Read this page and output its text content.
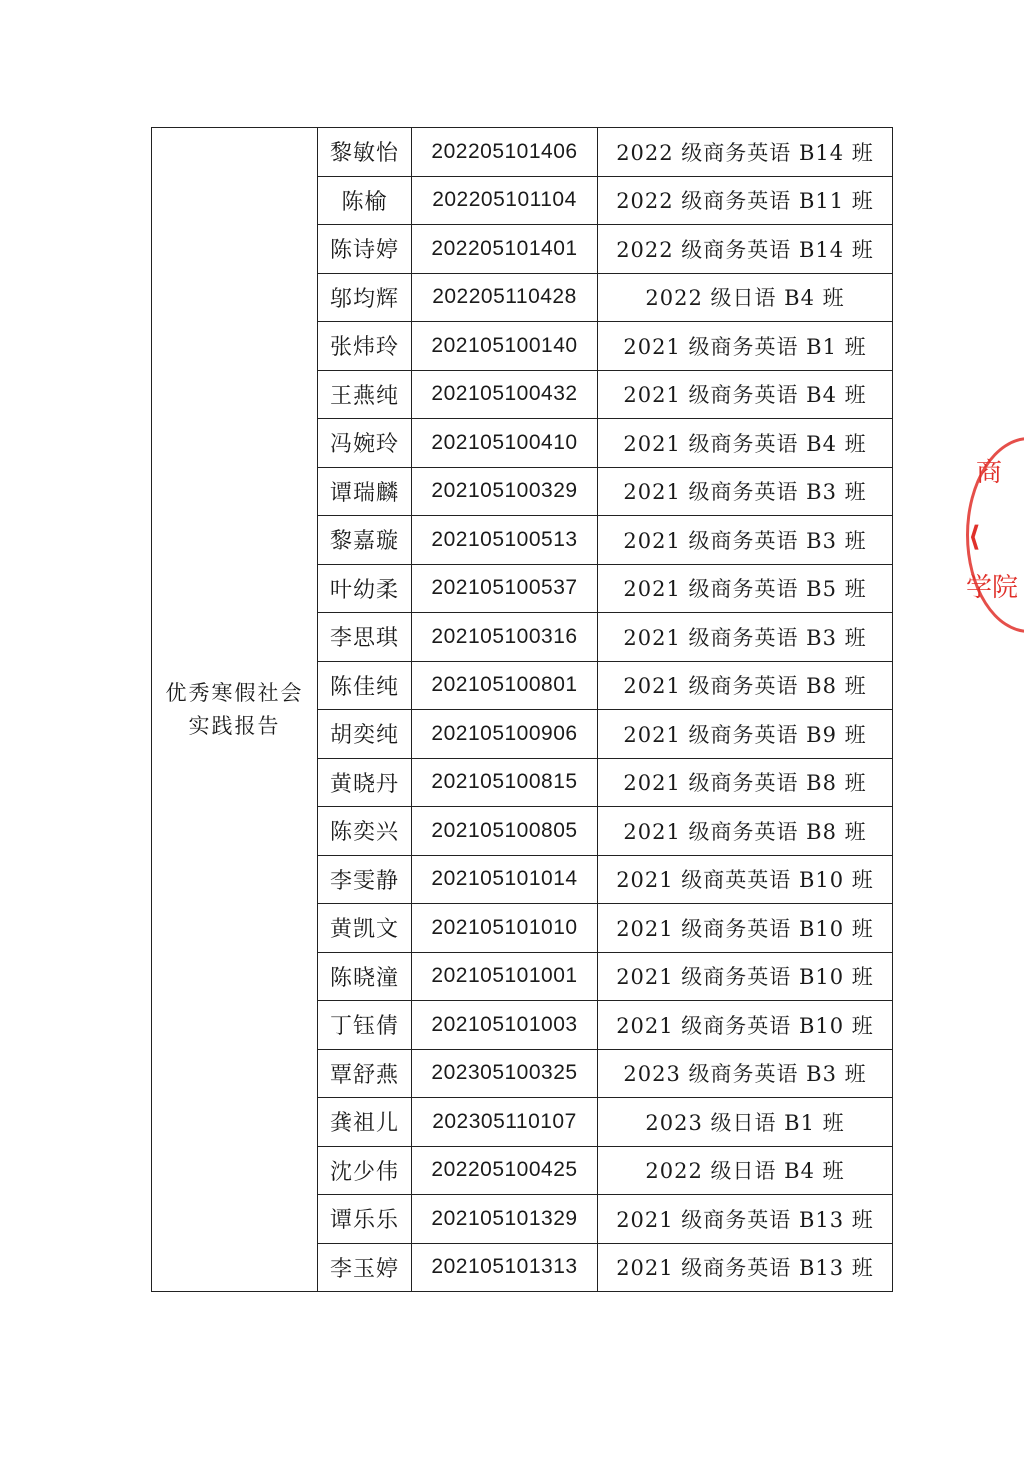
优秀寒假社会
实践报告	黎敏怡	202205101406	2022 级商务英语 B14 班
	陈榆	202205101104	2022 级商务英语 B11 班
	陈诗婷	202205101401	2022 级商务英语 B14 班
	邬均辉	202205110428	2022 级日语 B4 班
	张炜玲	202105100140	2021 级商务英语 B1 班
	王燕纯	202105100432	2021 级商务英语 B4 班
	冯婉玲	202105100410	2021 级商务英语 B4 班
	谭瑞麟	202105100329	2021 级商务英语 B3 班
	黎嘉璇	202105100513	2021 级商务英语 B3 班
	叶幼柔	202105100537	2021 级商务英语 B5 班
	李思琪	202105100316	2021 级商务英语 B3 班
	陈佳纯	202105100801	2021 级商务英语 B8 班
	胡奕纯	202105100906	2021 级商务英语 B9 班
	黄晓丹	202105100815	2021 级商务英语 B8 班
	陈奕兴	202105100805	2021 级商务英语 B8 班
	李雯静	202105101014	2021 级商英英语 B10 班
	黄凯文	202105101010	2021 级商务英语 B10 班
	陈晓潼	202105101001	2021 级商务英语 B10 班
	丁钰倩	202105101003	2021 级商务英语 B10 班
	覃舒燕	202305100325	2023 级商务英语 B3 班
	龚祖儿	202305110107	2023 级日语 B1 班
	沈少伟	202205100425	2022 级日语 B4 班
	谭乐乐	202105101329	2021 级商务英语 B13 班
	李玉婷	202105101313	2021 级商务英语 B13 班
商
⟨
学院
